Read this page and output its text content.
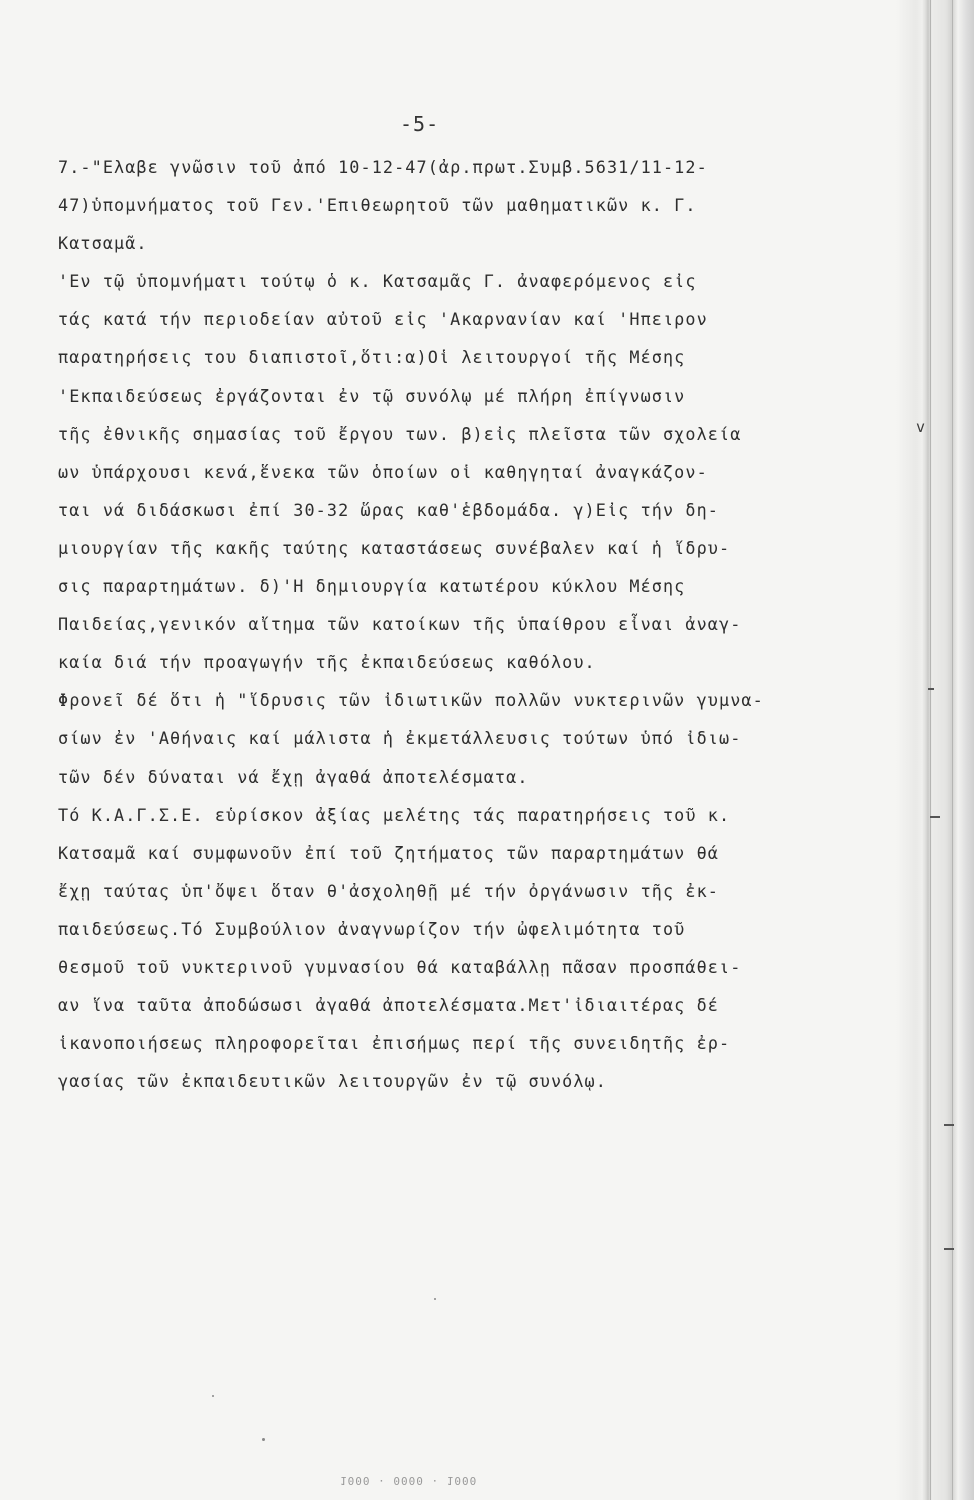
v
-5-
7.-"Ελαβε γνῶσιν τοῦ ἀπό 10-12-47(ἀρ.πρωτ.Συμβ.5631/11-12-
47)ὑπομνήματος τοῦ Γεν.'Επιθεωρητοῦ τῶν μαθηματικῶν κ. Γ.
Κατσαμᾶ.
'Εν τῷ ὑπομνήματι τούτῳ ὁ κ. Κατσαμᾶς Γ. ἀναφερόμενος εἰς
τάς κατά τήν περιοδείαν αὐτοῦ εἰς 'Ακαρνανίαν καί 'Ηπειρον
παρατηρήσεις του διαπιστοῖ,ὅτι:α)Οἱ λειτουργοί τῆς Μέσης
'Εκπαιδεύσεως ἐργάζονται ἐν τῷ συνόλῳ μέ πλήρη ἐπίγνωσιν
τῆς ἐθνικῆς σημασίας τοῦ ἔργου των. β)εἰς πλεῖστα τῶν σχολεία
ων ὑπάρχουσι κενά,ἕνεκα τῶν ὁποίων οἱ καθηγηταί ἀναγκάζον-
ται νά διδάσκωσι ἐπί 30-32 ὥρας καθ'ἑβδομάδα. γ)Εἰς τήν δη-
μιουργίαν τῆς κακῆς ταύτης καταστάσεως συνέβαλεν καί ἡ ἵδρυ-
σις παραρτημάτων. δ)'Η δημιουργία κατωτέρου κύκλου Μέσης
Παιδείας,γενικόν αἴτημα τῶν κατοίκων τῆς ὑπαίθρου εἶναι ἀναγ-
καία διά τήν προαγωγήν τῆς ἐκπαιδεύσεως καθόλου.
Φρονεῖ δέ ὅτι ἡ "ἵδρυσις τῶν ἰδιωτικῶν πολλῶν νυκτερινῶν γυμνα-
σίων ἐν 'Αθήναις καί μάλιστα ἡ ἐκμετάλλευσις τούτων ὑπό ἰδιω-
τῶν δέν δύναται νά ἔχῃ ἀγαθά ἀποτελέσματα.
Τό Κ.Α.Γ.Σ.Ε. εὑρίσκον ἀξίας μελέτης τάς παρατηρήσεις τοῦ κ.
Κατσαμᾶ καί συμφωνοῦν ἐπί τοῦ ζητήματος τῶν παραρτημάτων θά
ἔχῃ ταύτας ὑπ'ὄψει ὅταν θ'ἀσχοληθῇ μέ τήν ὀργάνωσιν τῆς ἐκ-
παιδεύσεως.Τό Συμβούλιον ἀναγνωρίζον τήν ὠφελιμότητα τοῦ
θεσμοῦ τοῦ νυκτερινοῦ γυμνασίου θά καταβάλλῃ πᾶσαν προσπάθει-
αν ἵνα ταῦτα ἀποδώσωσι ἀγαθά ἀποτελέσματα.Μετ'ἰδιαιτέρας δέ
ἱκανοποιήσεως πληροφορεῖται ἐπισήμως περί τῆς συνειδητῆς ἐρ-
γασίας τῶν ἐκπαιδευτικῶν λειτουργῶν ἐν τῷ συνόλῳ.
1000 · 0000 · 1000
